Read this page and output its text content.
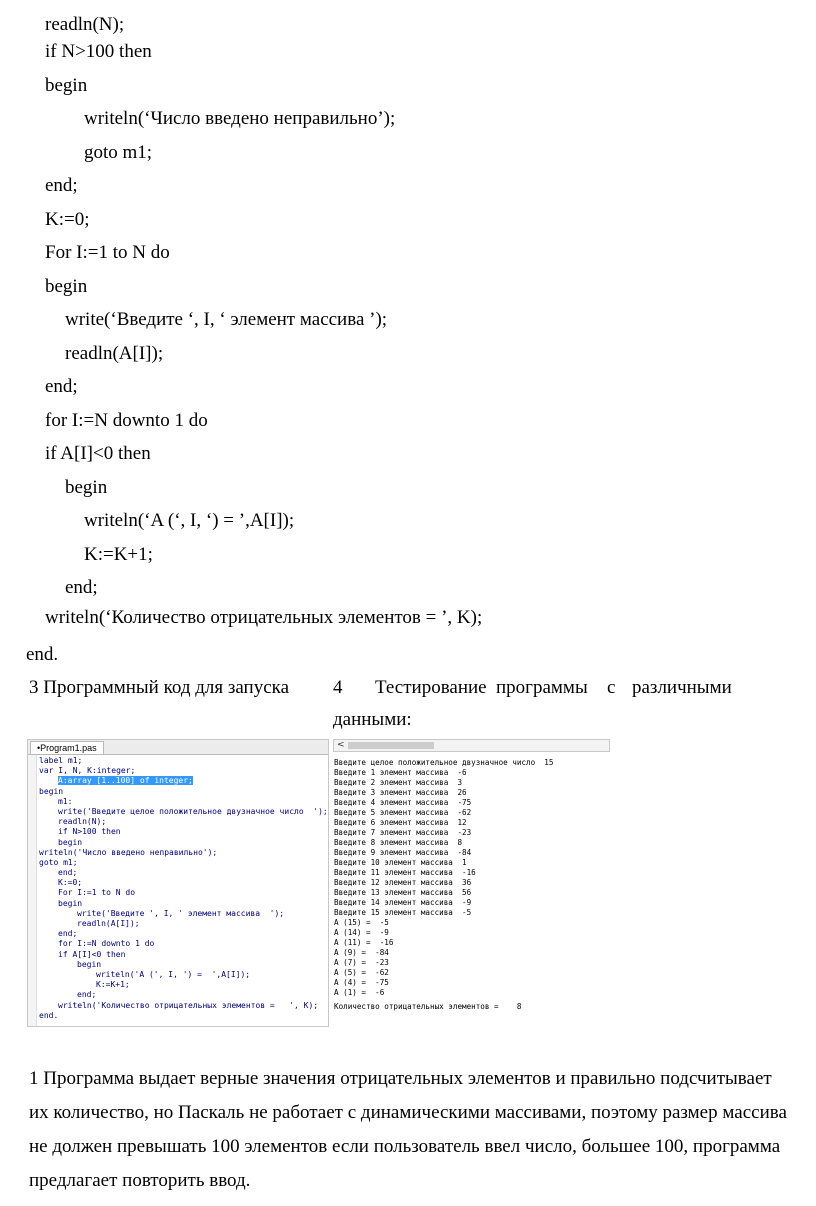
readln(N);
if N>100 then
begin
writeln(‘Число введено неправильно’);
goto m1;
end;
K:=0;
For I:=1 to N do
begin
write(‘Введите ‘, I, ‘ элемент массива ’);
readln(A[I]);
end;
for I:=N downto 1 do
if A[I]<0 then
begin
writeln(‘A (‘, I, ‘) = ’,A[I]);
K:=K+1;
end;
writeln(‘Количество отрицательных элементов = ’, K);
end.
3 Программный код для запуска 4 Тестирование программы с различными
данными:
•Program1.pas
label m1;
var I, N, K:integer;
A:array [1..100] of integer;
begin
m1:
write('Введите целое положительное двузначное число  ');
readln(N);
if N>100 then
begin
writeln('Число введено неправильно');
goto m1;
end;
K:=0;
For I:=1 to N do
begin
write('Введите ', I, ' элемент массива  ');
readln(A[I]);
end;
for I:=N downto 1 do
if A[I]<0 then
begin
writeln('A (', I, ') =  ',A[I]);
K:=K+1;
end;
writeln('Количество отрицательных элементов =   ', K);
end.
<
Введите целое положительное двузначное число  15
Введите 1 элемент массива  -6
Введите 2 элемент массива  3
Введите 3 элемент массива  26
Введите 4 элемент массива  -75
Введите 5 элемент массива  -62
Введите 6 элемент массива  12
Введите 7 элемент массива  -23
Введите 8 элемент массива  8
Введите 9 элемент массива  -84
Введите 10 элемент массива  1
Введите 11 элемент массива  -16
Введите 12 элемент массива  36
Введите 13 элемент массива  56
Введите 14 элемент массива  -9
Введите 15 элемент массива  -5
A (15) =  -5
A (14) =  -9
A (11) =  -16
A (9) =  -84
A (7) =  -23
A (5) =  -62
A (4) =  -75
A (1) =  -6
Количество отрицательных элементов =    8
1 Программа выдает верные значения отрицательных элементов и правильно подсчитывает
их количество, но Паскаль не работает с динамическими массивами, поэтому размер массива
не должен превышать 100 элементов если пользователь ввел число, большее 100, программа
предлагает повторить ввод.
